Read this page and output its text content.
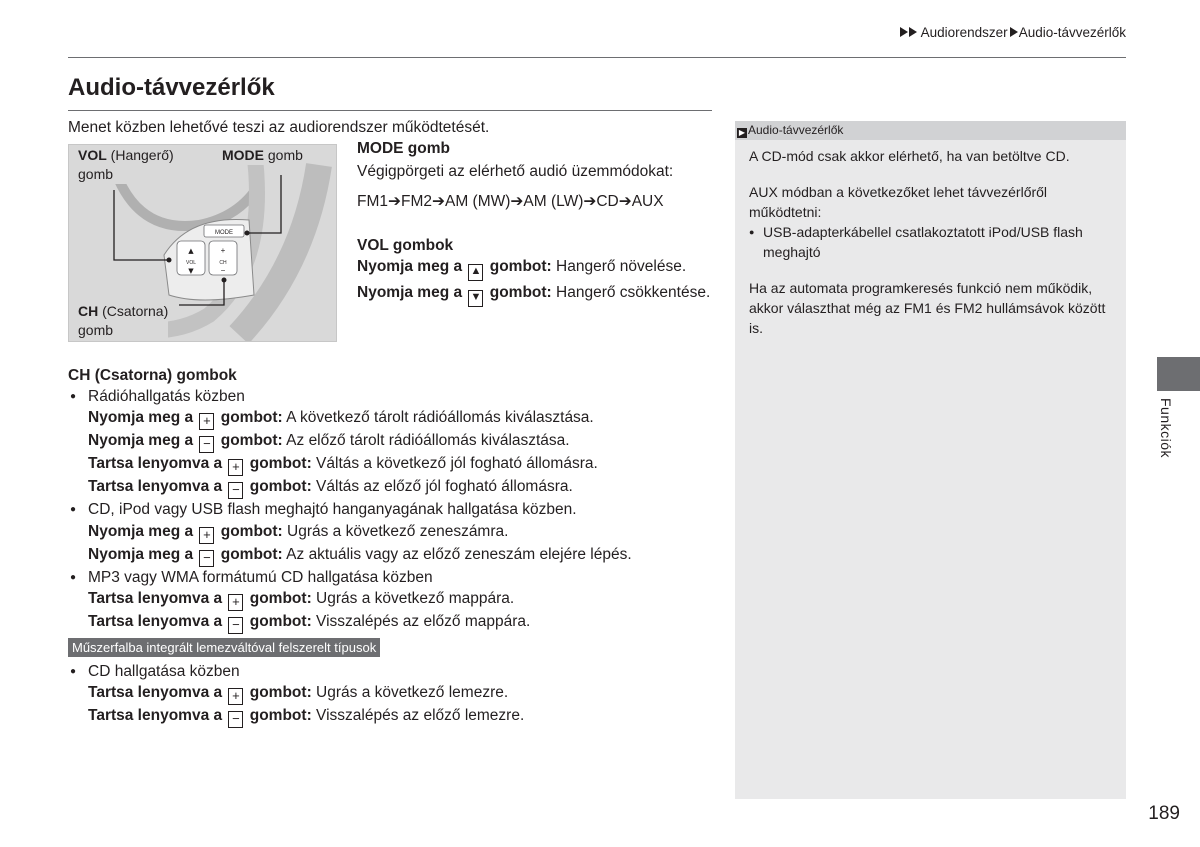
Audiorendszer Audio-távvezérlők
Audio-távvezérlők
Menet közben lehetővé teszi az audiorendszer működtetését.
MODE
▲
VOL
▼
+
CH
−
VOL (Hangerő)
gomb
MODE gomb
CH (Csatorna)
gomb
MODE gomb
Végigpörgeti az elérhető audió üzemmódokat:
FM1➔FM2➔AM (MW)➔AM (LW)➔CD➔AUX
VOL gombok
Nyomja meg a ▲ gombot: Hangerő növelése.
Nyomja meg a ▼ gombot: Hangerő csökkentése.
CH (Csatorna) gombok
● Rádióhallgatás közben
Nyomja meg a + gombot: A következő tárolt rádióállomás kiválasztása.
Nyomja meg a − gombot: Az előző tárolt rádióállomás kiválasztása.
Tartsa lenyomva a + gombot: Váltás a következő jól fogható állomásra.
Tartsa lenyomva a − gombot: Váltás az előző jól fogható állomásra.
● CD, iPod vagy USB flash meghajtó hanganyagának hallgatása közben.
Nyomja meg a + gombot: Ugrás a következő zeneszámra.
Nyomja meg a − gombot: Az aktuális vagy az előző zeneszám elejére lépés.
● MP3 vagy WMA formátumú CD hallgatása közben
Tartsa lenyomva a + gombot: Ugrás a következő mappára.
Tartsa lenyomva a − gombot: Visszalépés az előző mappára.
Műszerfalba integrált lemezváltóval felszerelt típusok
● CD hallgatása közben
Tartsa lenyomva a + gombot: Ugrás a következő lemezre.
Tartsa lenyomva a − gombot: Visszalépés az előző lemezre.
▶ Audio-távvezérlők

A CD-mód csak akkor elérhető, ha van betöltve CD.

AUX módban a következőket lehet távvezérlőről működtetni:

● USB-adapterkábellel csatlakoztatott iPod/USB flash meghajtó

Ha az automata programkeresés funkció nem működik, akkor választhat még az FM1 és FM2 hullámsávok között is.

Funkciók
189
